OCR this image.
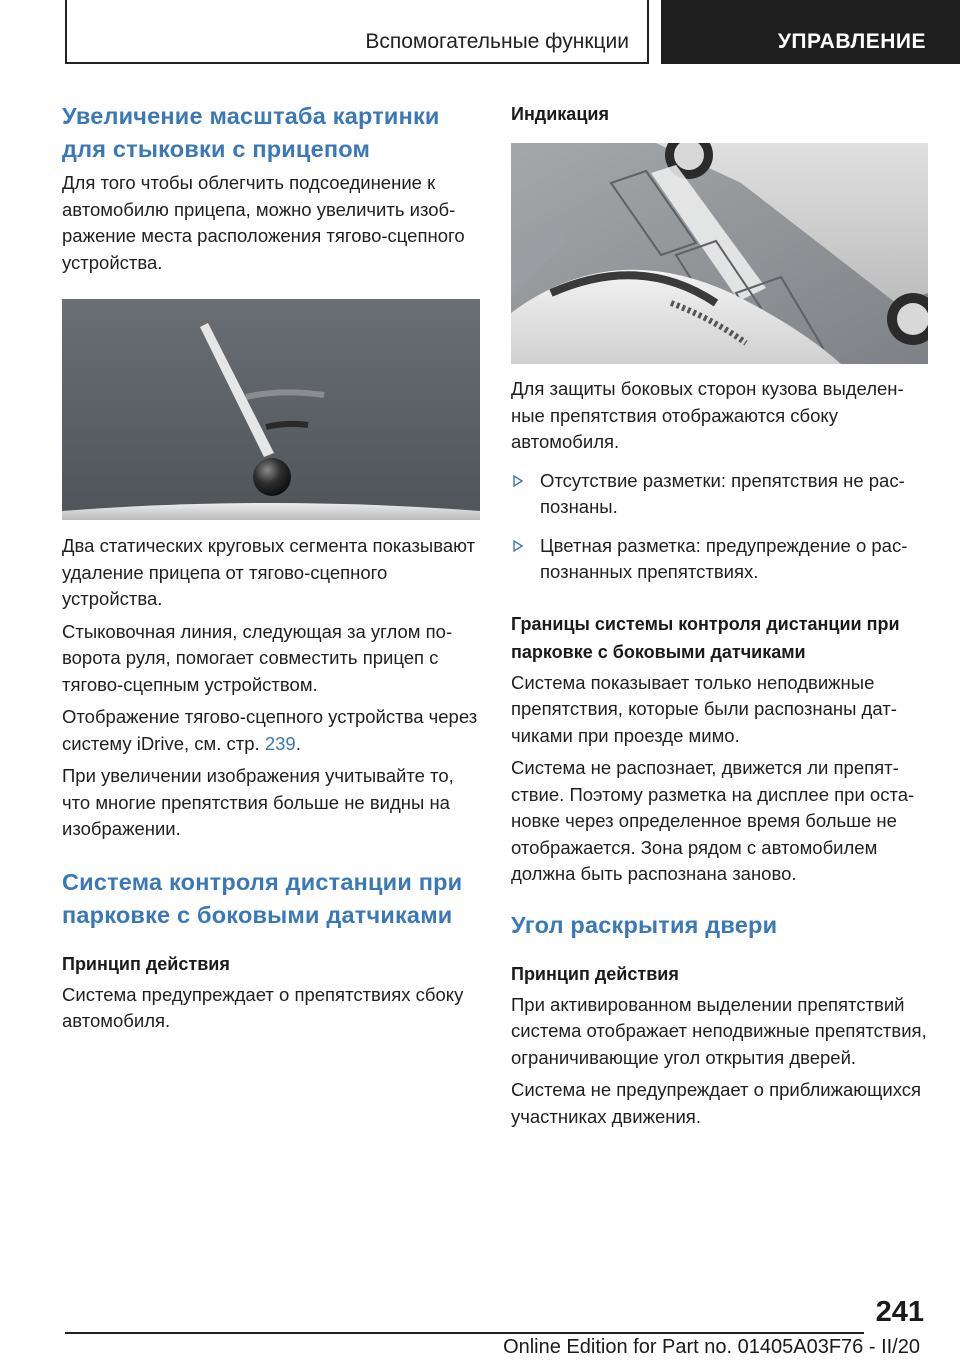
Вспомогательные функции	УПРАВЛЕНИЕ
Увеличение масштаба картинки для стыковки с прицепом
Для того чтобы облегчить подсоединение к автомобилю прицепа, можно увеличить изображение места расположения тягово-сцепного устройства.
Два статических круговых сегмента показывают удаление прицепа от тягово-сцепного устройства.
Стыковочная линия, следующая за углом поворота руля, помогает совместить прицеп с тягово-сцепным устройством.
Отображение тягово-сцепного устройства через систему iDrive, см. стр. 239.
При увеличении изображения учитывайте то, что многие препятствия больше не видны на изображении.
Система контроля дистанции при парковке с боковыми датчиками
Принцип действия
Система предупреждает о препятствиях сбоку автомобиля.
Индикация
Для защиты боковых сторон кузова выделенные препятствия отображаются сбоку автомобиля.
Отсутствие разметки: препятствия не распознаны.
Цветная разметка: предупреждение о распознанных препятствиях.
Границы системы контроля дистанции при парковке с боковыми датчиками
Система показывает только неподвижные препятствия, которые были распознаны датчиками при проезде мимо.
Система не распознает, движется ли препятствие. Поэтому разметка на дисплее при остановке через определенное время больше не отображается. Зона рядом с автомобилем должна быть распознана заново.
Угол раскрытия двери
Принцип действия
При активированном выделении препятствий система отображает неподвижные препятствия, ограничивающие угол открытия дверей.
Система не предупреждает о приближающихся участниках движения.
241
Online Edition for Part no. 01405A03F76 - II/20
